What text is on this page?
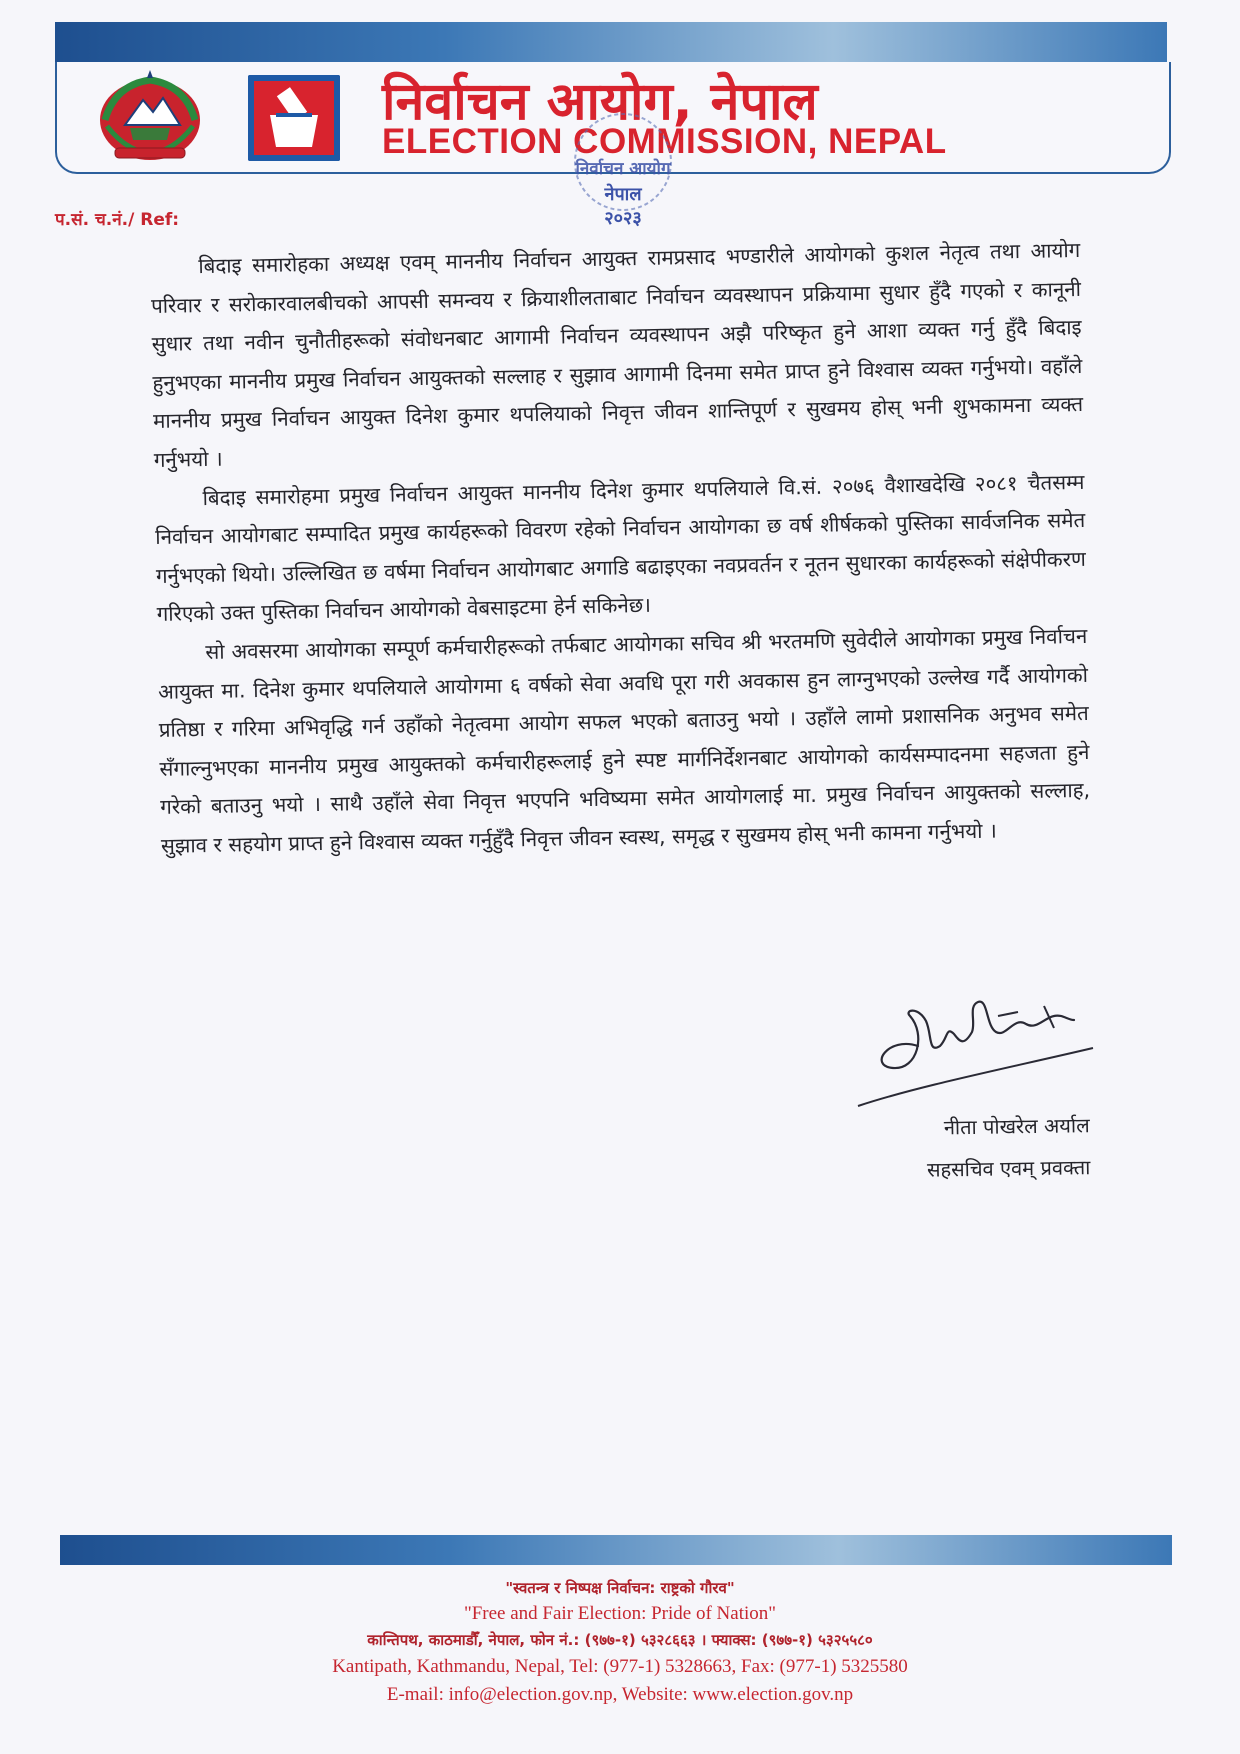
निर्वाचन आयोग, नेपाल
ELECTION COMMISSION, NEPAL
निर्वाचन आयोग
नेपाल
२०२३
प.सं. च.नं./ Ref:

बिदाइ समारोहका अध्यक्ष एवम् माननीय निर्वाचन आयुक्त रामप्रसाद भण्डारीले आयोगको कुशल नेतृत्व तथा आयोग परिवार र सरोकारवालबीचको आपसी समन्वय र क्रियाशीलताबाट निर्वाचन व्यवस्थापन प्रक्रियामा सुधार हुँदै गएको र कानूनी सुधार तथा नवीन चुनौतीहरूको संवोधनबाट आगामी निर्वाचन व्यवस्थापन अझै परिष्कृत हुने आशा व्यक्त गर्नु हुँदै बिदाइ हुनुभएका माननीय प्रमुख निर्वाचन आयुक्तको सल्लाह र सुझाव आगामी दिनमा समेत प्राप्त हुने विश्वास व्यक्त गर्नुभयो। वहाँले माननीय प्रमुख निर्वाचन आयुक्त दिनेश कुमार थपलियाको निवृत्त जीवन शान्तिपूर्ण र सुखमय होस् भनी शुभकामना व्यक्त गर्नुभयो ।

बिदाइ समारोहमा प्रमुख निर्वाचन आयुक्त माननीय दिनेश कुमार थपलियाले वि.सं. २०७६ वैशाखदेखि २०८१ चैतसम्म निर्वाचन आयोगबाट सम्पादित प्रमुख कार्यहरूको विवरण रहेको निर्वाचन आयोगका छ वर्ष शीर्षकको पुस्तिका सार्वजनिक समेत गर्नुभएको थियो। उल्लिखित छ वर्षमा निर्वाचन आयोगबाट अगाडि बढाइएका नवप्रवर्तन र नूतन सुधारका कार्यहरूको संक्षेपीकरण गरिएको उक्त पुस्तिका निर्वाचन आयोगको वेबसाइटमा हेर्न सकिनेछ।

सो अवसरमा आयोगका सम्पूर्ण कर्मचारीहरूको तर्फबाट आयोगका सचिव श्री भरतमणि सुवेदीले आयोगका प्रमुख निर्वाचन आयुक्त मा. दिनेश कुमार थपलियाले आयोगमा ६ वर्षको सेवा अवधि पूरा गरी अवकास हुन लाग्नुभएको उल्लेख गर्दै आयोगको प्रतिष्ठा र गरिमा अभिवृद्धि गर्न उहाँको नेतृत्वमा आयोग सफल भएको बताउनु भयो । उहाँले लामो प्रशासनिक अनुभव समेत सँगाल्नुभएका माननीय प्रमुख आयुक्तको कर्मचारीहरूलाई हुने स्पष्ट मार्गनिर्देशनबाट आयोगको कार्यसम्पादनमा सहजता हुने गरेको बताउनु भयो । साथै उहाँले सेवा निवृत्त भएपनि भविष्यमा समेत आयोगलाई मा. प्रमुख निर्वाचन आयुक्तको सल्लाह, सुझाव र सहयोग प्राप्त हुने विश्वास व्यक्त गर्नुहुँदै निवृत्त जीवन स्वस्थ, समृद्ध र सुखमय होस् भनी कामना गर्नुभयो ।

नीता पोखरेल अर्याल
सहसचिव एवम् प्रवक्ता
"स्वतन्त्र र निष्पक्ष निर्वाचन: राष्ट्रको गौरव"
"Free and Fair Election: Pride of Nation"
कान्तिपथ, काठमाडौँ, नेपाल, फोन नं.: (९७७-१) ५३२८६६३ । फ्याक्स: (९७७-१) ५३२५५८०
Kantipath, Kathmandu, Nepal, Tel: (977-1) 5328663, Fax: (977-1) 5325580
E-mail: info@election.gov.np, Website: www.election.gov.np
